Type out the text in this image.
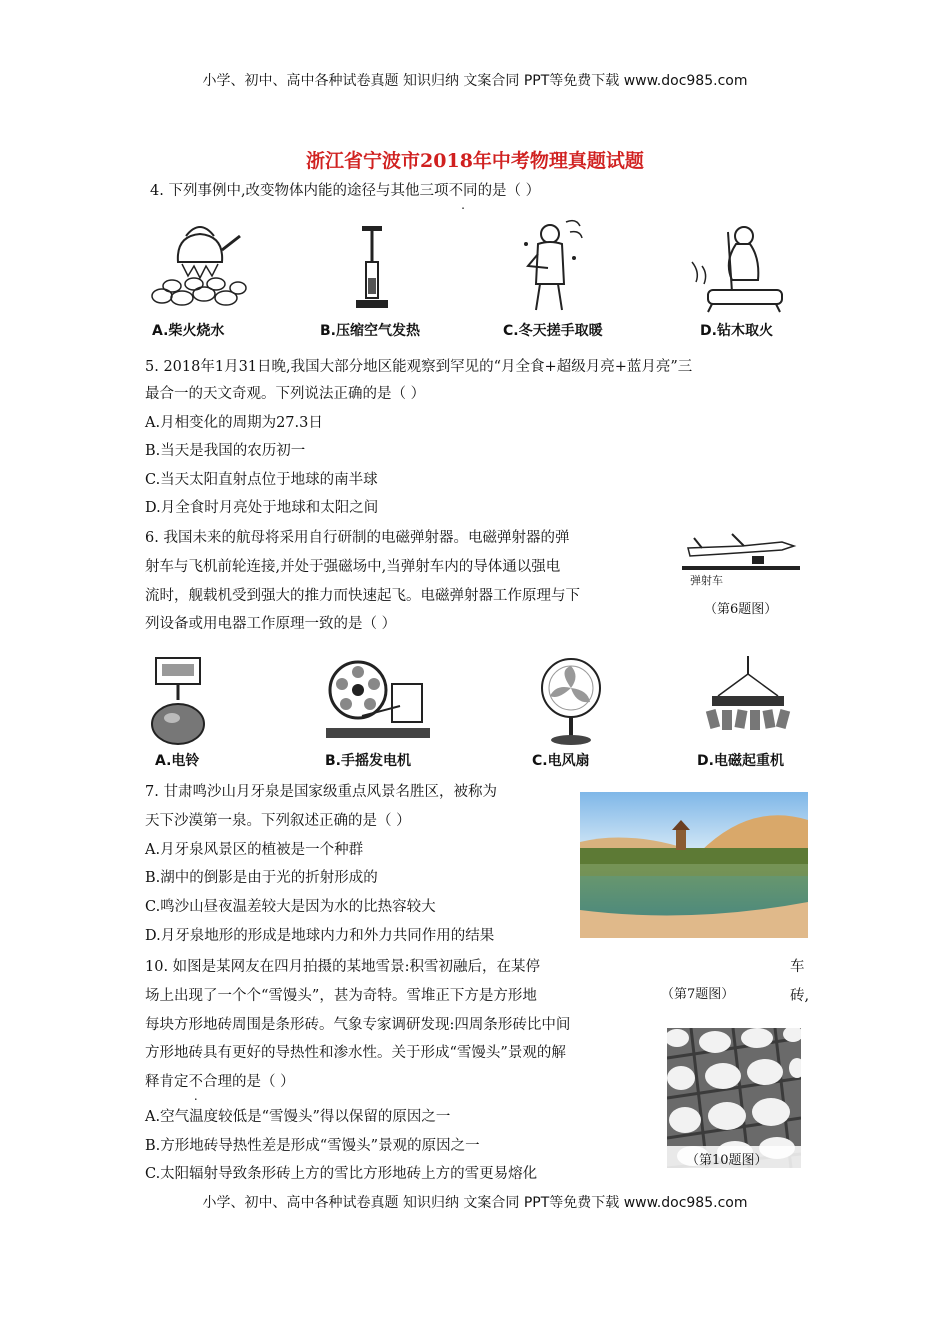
小学、初中、高中各种试卷真题 知识归纳 文案合同 PPT等免费下载 www.doc985.com
浙江省宁波市2018年中考物理真题试题
4. 下列事例中,改变物体内能的途径与其他三项不同的是（ ）
A.柴火烧水	B.压缩空气发热	C.冬天搓手取暖	D.钻木取火
5. 2018年1月31日晚,我国大部分地区能观察到罕见的“月全食+超级月亮+蓝月亮”三
最合一的天文奇观。下列说法正确的是（ ）
A.月相变化的周期为27.3日
B.当天是我国的农历初一
C.当天太阳直射点位于地球的南半球
D.月全食时月亮处于地球和太阳之间
6. 我国未来的航母将采用自行研制的电磁弹射器。电磁弹射器的弹
射车与飞机前轮连接,并处于强磁场中,当弹射车内的导体通以强电
流时，舰载机受到强大的推力而快速起飞。电磁弹射器工作原理与下
列设备或用电器工作原理一致的是（ ）
弹射车
（第6题图）
A.电铃	B.手摇发电机	C.电风扇	D.电磁起重机
7. 甘肃鸣沙山月牙泉是国家级重点风景名胜区，被称为
天下沙漠第一泉。下列叙述正确的是（ ）
A.月牙泉风景区的植被是一个种群
B.湖中的倒影是由于光的折射形成的
C.鸣沙山昼夜温差较大是因为水的比热容较大
D.月牙泉地形的形成是地球内力和外力共同作用的结果
（第7题图）
10. 如图是某网友在四月拍摄的某地雪景:积雪初融后，在某停	车
场上出现了一个个“雪馒头”，甚为奇特。雪堆正下方是方形地	砖,
每块方形地砖周围是条形砖。气象专家调研发现:四周条形砖比中间
方形地砖具有更好的导热性和渗水性。关于形成“雪馒头”景观的解
释肯定不合理的是（ ）
A.空气温度较低是“雪馒头”得以保留的原因之一
B.方形地砖导热性差是形成“雪馒头”景观的原因之一
C.太阳辐射导致条形砖上方的雪比方形地砖上方的雪更易熔化
（第10题图）
小学、初中、高中各种试卷真题 知识归纳 文案合同 PPT等免费下载 www.doc985.com
